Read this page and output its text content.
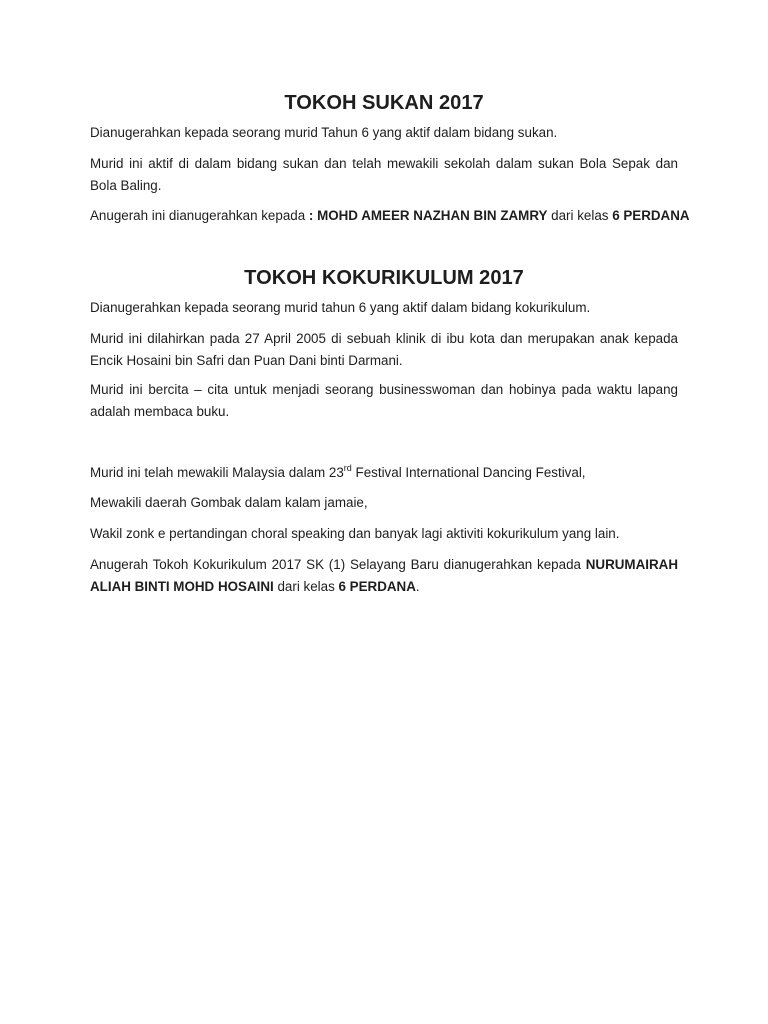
TOKOH SUKAN 2017

Dianugerahkan kepada seorang murid Tahun 6 yang aktif dalam bidang sukan.

Murid ini aktif di dalam bidang sukan dan telah mewakili sekolah dalam sukan Bola Sepak dan Bola Baling.

Anugerah ini dianugerahkan kepada : MOHD AMEER NAZHAN BIN ZAMRY dari kelas 6 PERDANA

TOKOH KOKURIKULUM 2017

Dianugerahkan kepada seorang murid tahun 6 yang aktif dalam bidang kokurikulum.

Murid ini dilahirkan pada 27 April 2005 di sebuah klinik di ibu kota dan merupakan anak kepada Encik Hosaini bin Safri dan Puan Dani binti Darmani.

Murid ini bercita – cita untuk menjadi seorang businesswoman dan hobinya pada waktu lapang adalah membaca buku.

Murid ini telah mewakili Malaysia dalam 23rd Festival International Dancing Festival,

Mewakili daerah Gombak dalam kalam jamaie,

Wakil zonk e pertandingan choral speaking dan banyak lagi aktiviti kokurikulum yang lain.

Anugerah Tokoh Kokurikulum 2017 SK (1) Selayang Baru dianugerahkan kepada NURUMAIRAH ALIAH BINTI MOHD HOSAINI dari kelas 6 PERDANA.
